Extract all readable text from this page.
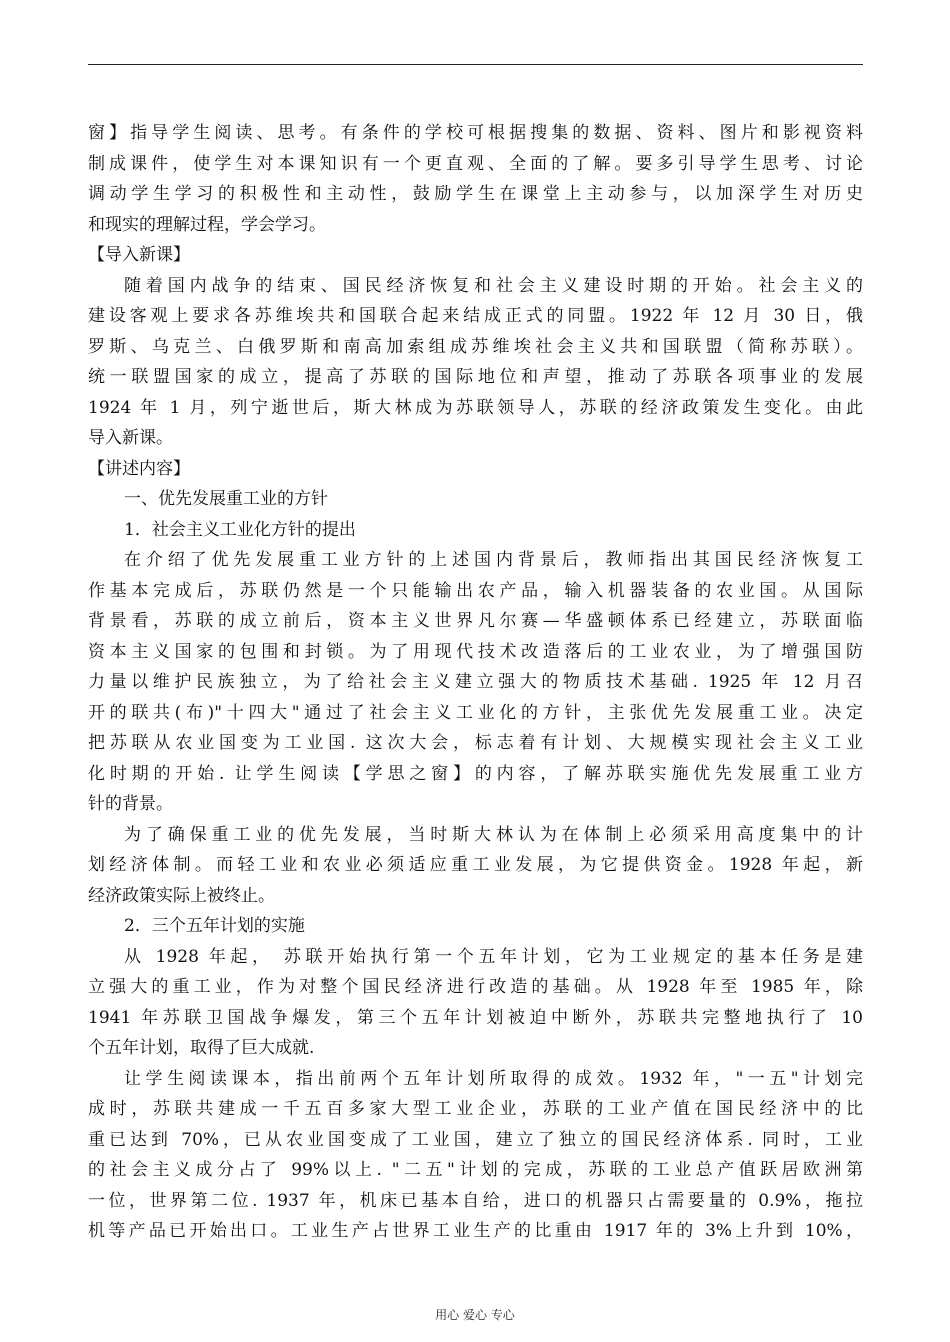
窗】指导学生阅读、思考。有条件的学校可根据搜集的数据、资料、图片和影视资料
制成课件，使学生对本课知识有一个更直观、全面的了解。要多引导学生思考、讨论
调动学生学习的积极性和主动性，鼓励学生在课堂上主动参与，以加深学生对历史
和现实的理解过程，学会学习。
【导入新课】
随着国内战争的结束、国民经济恢复和社会主义建设时期的开始。社会主义的
建设客观上要求各苏维埃共和国联合起来结成正式的同盟。1922 年 12 月 30 日，俄
罗斯、乌克兰、白俄罗斯和南高加索组成苏维埃社会主义共和国联盟（简称苏联）。
统一联盟国家的成立，提高了苏联的国际地位和声望，推动了苏联各项事业的发展
1924 年 1 月，列宁逝世后，斯大林成为苏联领导人，苏联的经济政策发生变化。由此
导入新课。
【讲述内容】
一、优先发展重工业的方针
1．社会主义工业化方针的提出
在介绍了优先发展重工业方针的上述国内背景后，教师指出其国民经济恢复工
作基本完成后，苏联仍然是一个只能输出农产品，输入机器装备的农业国。从国际
背景看，苏联的成立前后，资本主义世界凡尔赛—华盛顿体系已经建立，苏联面临
资本主义国家的包围和封锁。为了用现代技术改造落后的工业农业，为了增强国防
力量以维护民族独立，为了给社会主义建立强大的物质技术基础. 1925 年 12 月召
开的联共(布)"十四大"通过了社会主义工业化的方针，主张优先发展重工业。决定
把苏联从农业国变为工业国. 这次大会，标志着有计划、大规模实现社会主义工业
化时期的开始. 让学生阅读【学思之窗】的内容，了解苏联实施优先发展重工业方
针的背景。
为了确保重工业的优先发展，当时斯大林认为在体制上必须采用高度集中的计
划经济体制。而轻工业和农业必须适应重工业发展，为它提供资金。1928 年起，新
经济政策实际上被终止。
2．三个五年计划的实施
从 1928 年起， 苏联开始执行第一个五年计划，它为工业规定的基本任务是建
立强大的重工业，作为对整个国民经济进行改造的基础。从 1928 年至 1985 年，除
1941 年苏联卫国战争爆发，第三个五年计划被迫中断外，苏联共完整地执行了 10
个五年计划，取得了巨大成就.
让学生阅读课本，指出前两个五年计划所取得的成效。1932 年，"一五"计划完
成时，苏联共建成一千五百多家大型工业企业，苏联的工业产值在国民经济中的比
重已达到 70%，已从农业国变成了工业国，建立了独立的国民经济体系. 同时，工业
的社会主义成分占了 99%以上. "二五"计划的完成，苏联的工业总产值跃居欧洲第
一位，世界第二位. 1937 年，机床已基本自给，进口的机器只占需要量的 0.9%，拖拉
机等产品已开始出口。工业生产占世界工业生产的比重由 1917 年的 3%上升到 10%，
用心 爱心 专心
